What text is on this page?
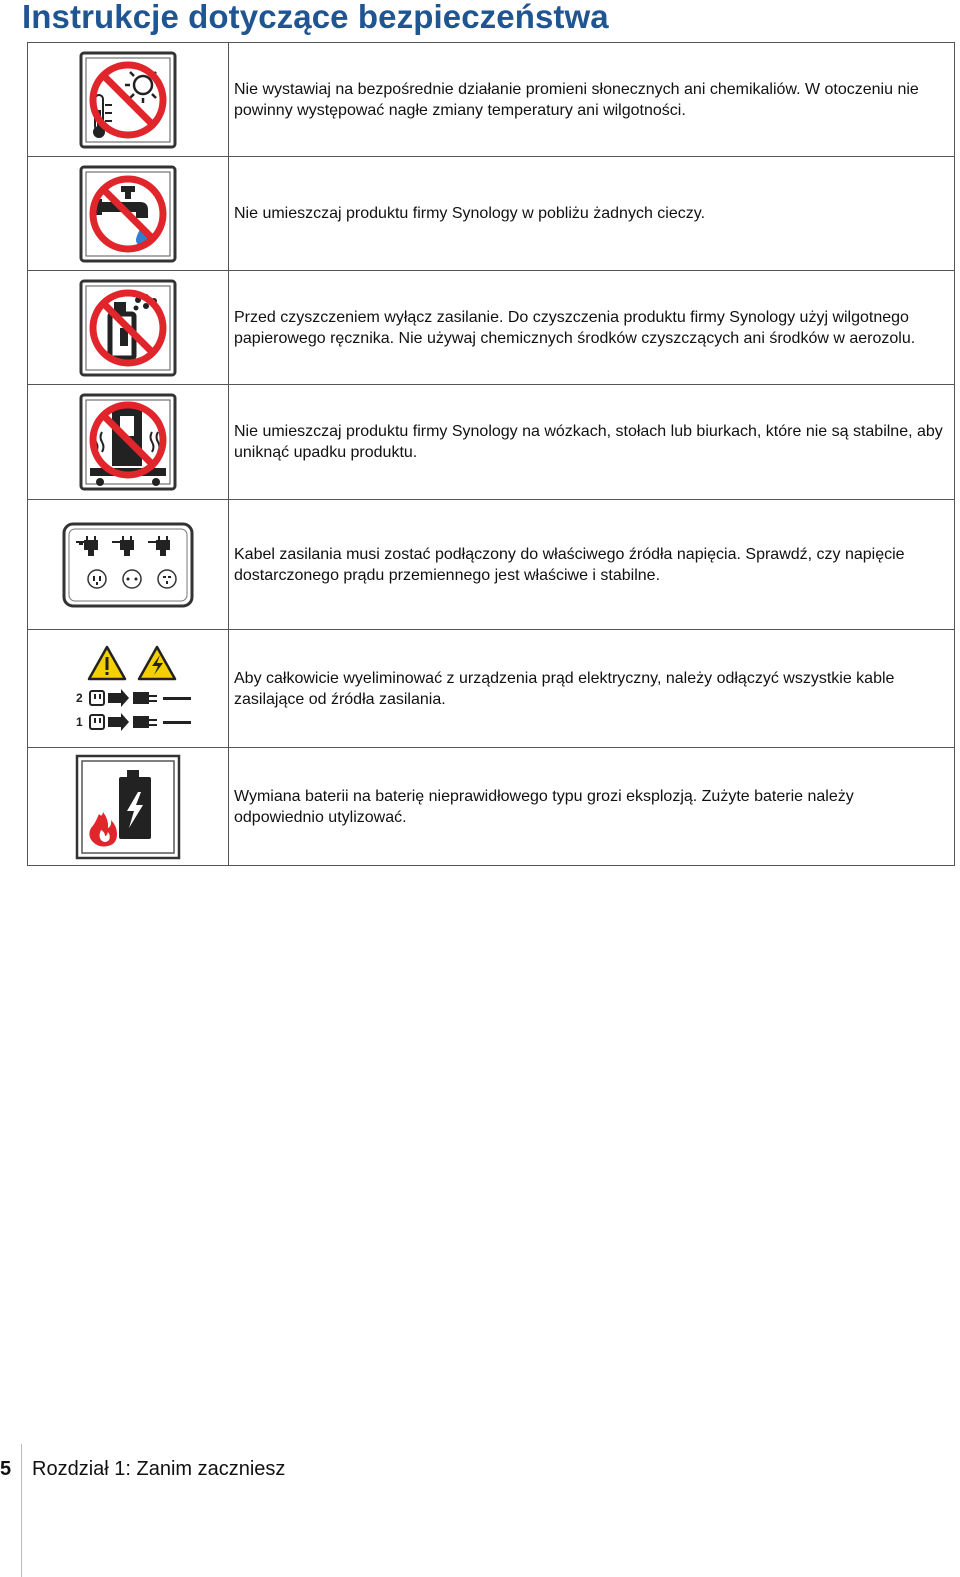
Instrukcje dotyczące bezpieczeństwa
	Nie wystawiaj na bezpośrednie działanie promieni słonecznych ani chemikaliów. W otoczeniu nie powinny występować nagłe zmiany temperatury ani wilgotności.

	Nie umieszczaj produktu firmy Synology w pobliżu żadnych cieczy.

	Przed czyszczeniem wyłącz zasilanie. Do czyszczenia produktu firmy Synology użyj wilgotnego papierowego ręcznika. Nie używaj chemicznych środków czyszczących ani środków w aerozolu.

	Nie umieszczaj produktu firmy Synology na wózkach, stołach lub biurkach, które nie są stabilne, aby uniknąć upadku produktu.

	Kabel zasilania musi zostać podłączony do właściwego źródła napięcia. Sprawdź, czy napięcie dostarczonego prądu przemiennego jest właściwe i stabilne.

2
1	Aby całkowicie wyeliminować z urządzenia prąd elektryczny, należy odłączyć wszystkie kable zasilające od źródła zasilania.

	Wymiana baterii na baterię nieprawidłowego typu grozi eksplozją. Zużyte baterie należy odpowiednio utylizować.
5 Rozdział 1: Zanim zaczniesz
